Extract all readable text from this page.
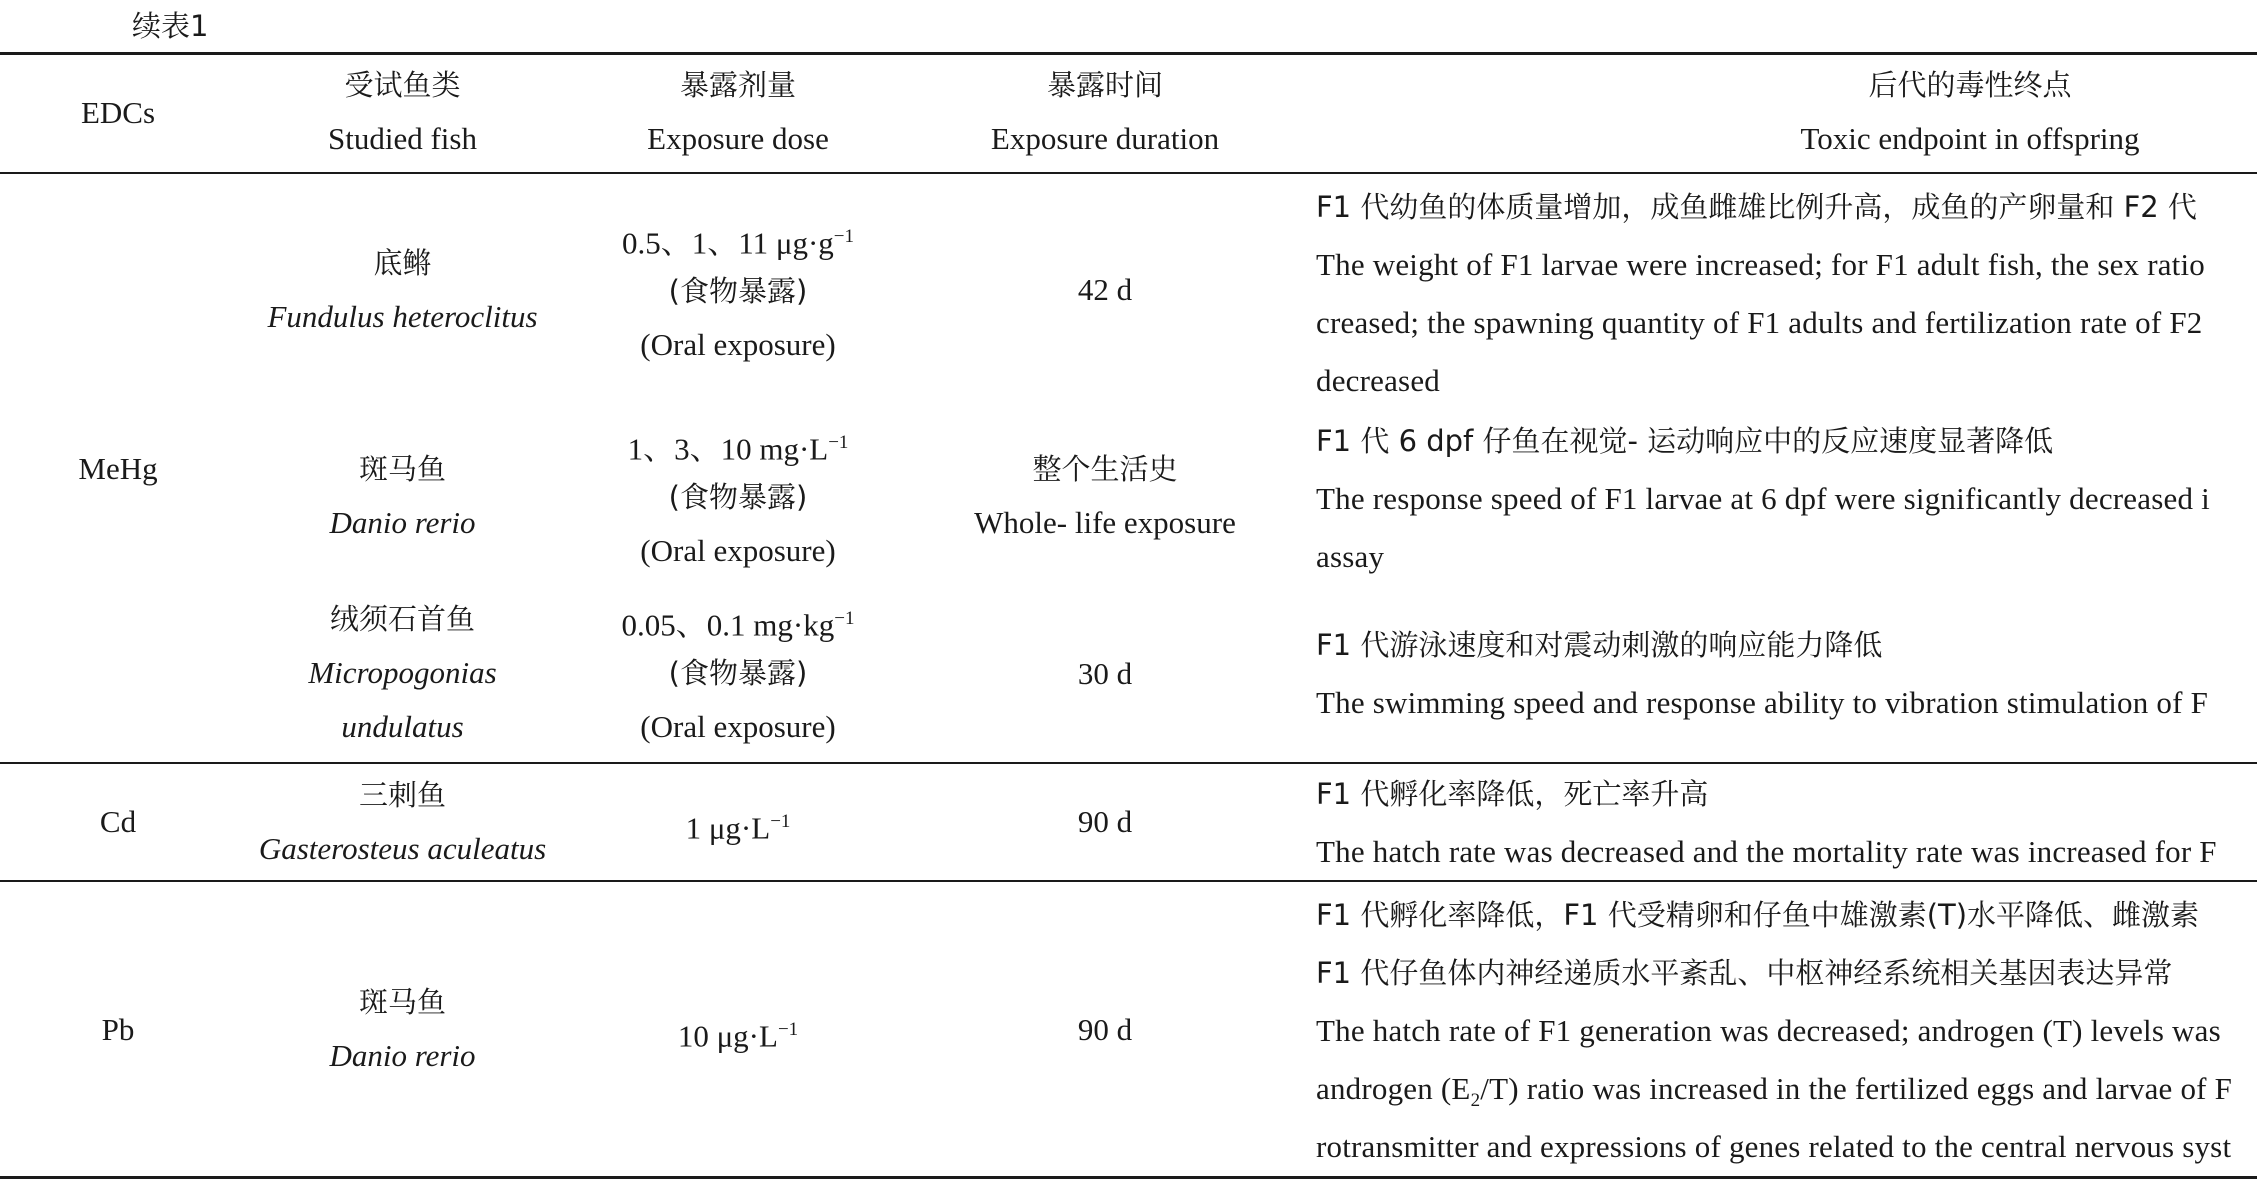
续表1
EDCs
受试鱼类
Studied fish
暴露剂量
Exposure dose
暴露时间
Exposure duration
后代的毒性终点
Toxic endpoint in offspring
MeHg
Cd
Pb
底鳉
Fundulus heteroclitus
0.5、1、11 $\mu g\cdot g^{-1}$
(食物暴露)
(Oral exposure)
42 d
F1 代幼鱼的体质量增加，成鱼雌雄比例升高，成鱼的产卵量和 F2 代
The weight of F1 larvae were increased; for F1 adult fish, the sex ratio
creased; the spawning quantity of F1 adults and fertilization rate of F2
decreased
斑马鱼
Danio rerio
1、3、10 $mg\cdot L^{-1}$
(食物暴露)
(Oral exposure)
整个生活史
Whole- life exposure
F1 代 6 dpf 仔鱼在视觉- 运动响应中的反应速度显著降低
The response speed of F1 larvae at 6 dpf were significantly decreased i
assay
绒须石首鱼
Micropogonias
undulatus
0.05、0.1 $mg\cdot kg^{-1}$
(食物暴露)
(Oral exposure)
30 d
F1 代游泳速度和对震动刺激的响应能力降低
The swimming speed and response ability to vibration stimulation of F
三刺鱼
Gasterosteus aculeatus
1 $\mu g\cdot L^{-1}$	90 d
F1 代孵化率降低，死亡率升高
The hatch rate was decreased and the mortality rate was increased for F
斑马鱼
Danio rerio
10 $\mu g\cdot L^{-1}$	90 d
F1 代孵化率降低，F1 代受精卵和仔鱼中雄激素(T)水平降低、雌激素
F1 代仔鱼体内神经递质水平紊乱、中枢神经系统相关基因表达异常
The hatch rate of F1 generation was decreased; androgen (T) levels was
androgen $(E_2/T)$ ratio was increased in the fertilized eggs and larvae of F
rotransmitter and expressions of genes related to the central nervous syst
